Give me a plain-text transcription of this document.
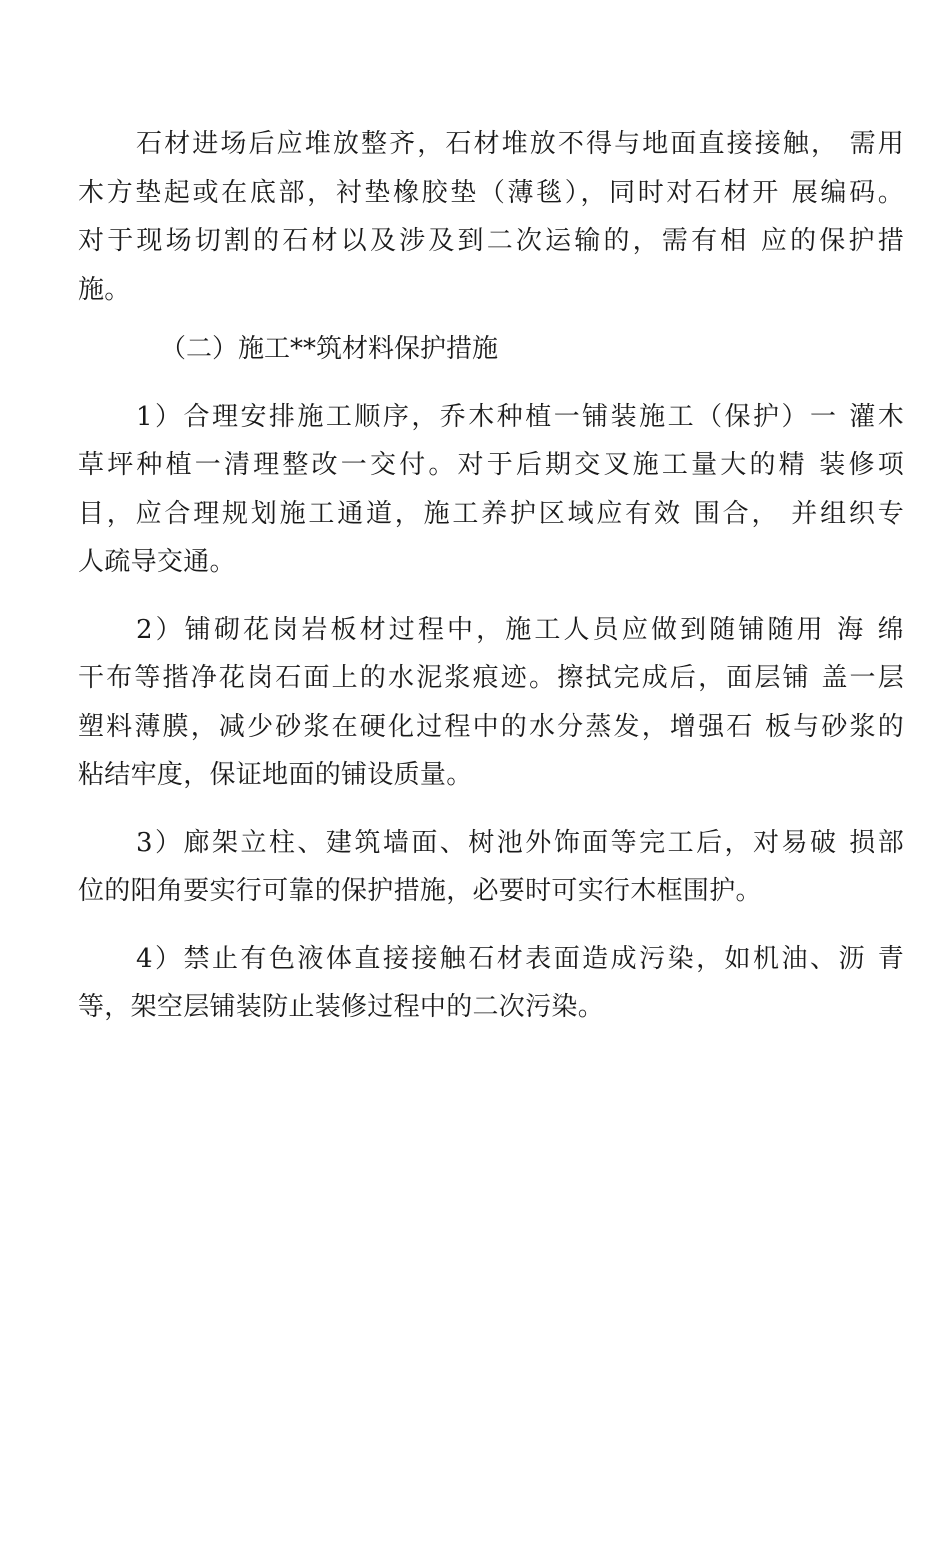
石材进场后应堆放整齐，石材堆放不得与地面直接接触， 需用
木方垫起或在底部，衬垫橡胶垫（薄毯），同时对石材开 展编码。
对于现场切割的石材以及涉及到二次运输的，需有相 应的保护措
施。
（二）施工**筑材料保护措施
1）合理安排施工顺序，乔木种植一铺装施工（保护）一 灌木
草坪种植一清理整改一交付。对于后期交叉施工量大的精 装修项
目，应合理规划施工通道，施工养护区域应有效 围合， 并组织专
人疏导交通。
2）铺砌花岗岩板材过程中，施工人员应做到随铺随用 海 绵
干布等揩净花岗石面上的水泥浆痕迹。擦拭完成后，面层铺 盖一层
塑料薄膜，减少砂浆在硬化过程中的水分蒸发，增强石 板与砂浆的
粘结牢度，保证地面的铺设质量。
3）廊架立柱、建筑墙面、树池外饰面等完工后，对易破 损部
位的阳角要实行可靠的保护措施，必要时可实行木框围护。
4）禁止有色液体直接接触石材表面造成污染，如机油、沥 青
等，架空层铺装防止装修过程中的二次污染。
